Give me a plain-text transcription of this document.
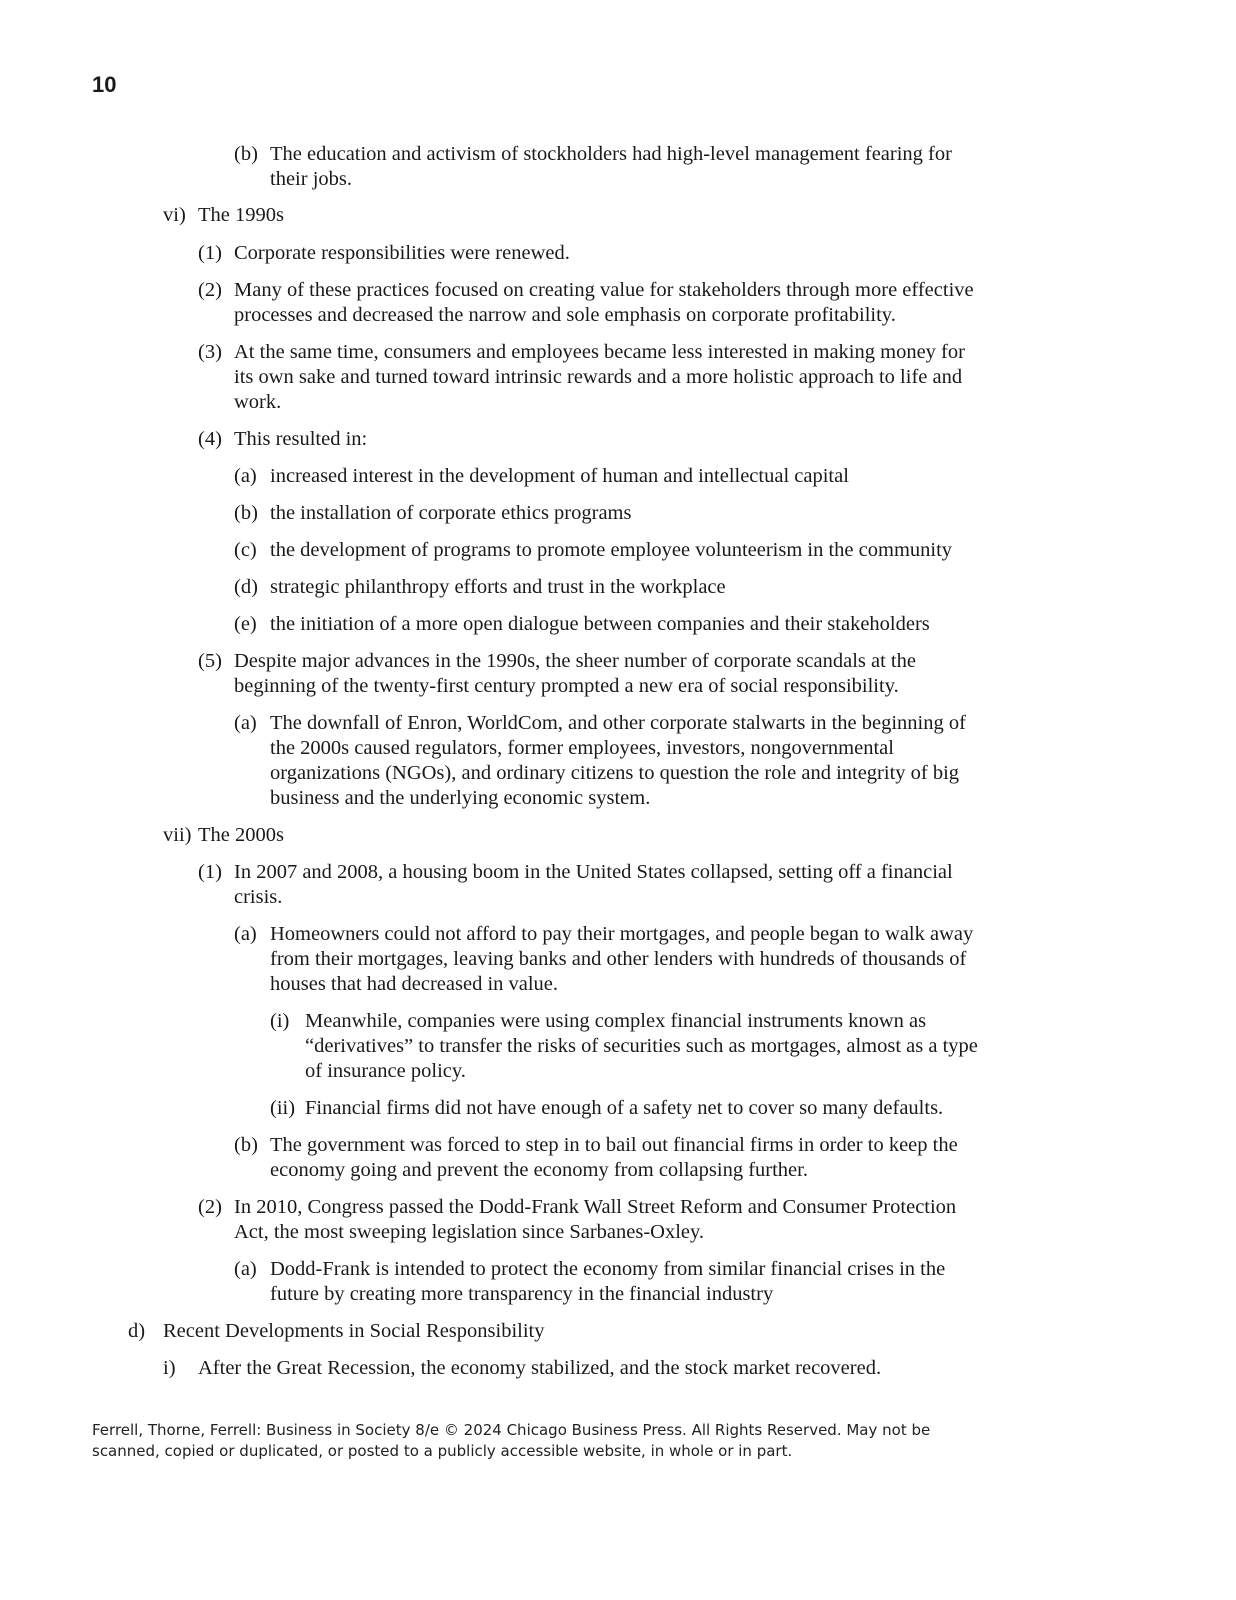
10
(b) The education and activism of stockholders had high-level management fearing for
their jobs.
vi) The 1990s
(1) Corporate responsibilities were renewed.
(2) Many of these practices focused on creating value for stakeholders through more effective
processes and decreased the narrow and sole emphasis on corporate profitability.
(3) At the same time, consumers and employees became less interested in making money for
its own sake and turned toward intrinsic rewards and a more holistic approach to life and
work.
(4) This resulted in:
(a) increased interest in the development of human and intellectual capital
(b) the installation of corporate ethics programs
(c) the development of programs to promote employee volunteerism in the community
(d) strategic philanthropy efforts and trust in the workplace
(e) the initiation of a more open dialogue between companies and their stakeholders
(5) Despite major advances in the 1990s, the sheer number of corporate scandals at the
beginning of the twenty-first century prompted a new era of social responsibility.
(a) The downfall of Enron, WorldCom, and other corporate stalwarts in the beginning of
the 2000s caused regulators, former employees, investors, nongovernmental
organizations (NGOs), and ordinary citizens to question the role and integrity of big
business and the underlying economic system.
vii) The 2000s
(1) In 2007 and 2008, a housing boom in the United States collapsed, setting off a financial
crisis.
(a) Homeowners could not afford to pay their mortgages, and people began to walk away
from their mortgages, leaving banks and other lenders with hundreds of thousands of
houses that had decreased in value.
(i) Meanwhile, companies were using complex financial instruments known as
“derivatives” to transfer the risks of securities such as mortgages, almost as a type
of insurance policy.
(ii) Financial firms did not have enough of a safety net to cover so many defaults.
(b) The government was forced to step in to bail out financial firms in order to keep the
economy going and prevent the economy from collapsing further.
(2) In 2010, Congress passed the Dodd-Frank Wall Street Reform and Consumer Protection
Act, the most sweeping legislation since Sarbanes-Oxley.
(a) Dodd-Frank is intended to protect the economy from similar financial crises in the
future by creating more transparency in the financial industry
d) Recent Developments in Social Responsibility
i) After the Great Recession, the economy stabilized, and the stock market recovered.
Ferrell, Thorne, Ferrell: Business in Society 8/e © 2024 Chicago Business Press. All Rights Reserved. May not be
scanned, copied or duplicated, or posted to a publicly accessible website, in whole or in part.
